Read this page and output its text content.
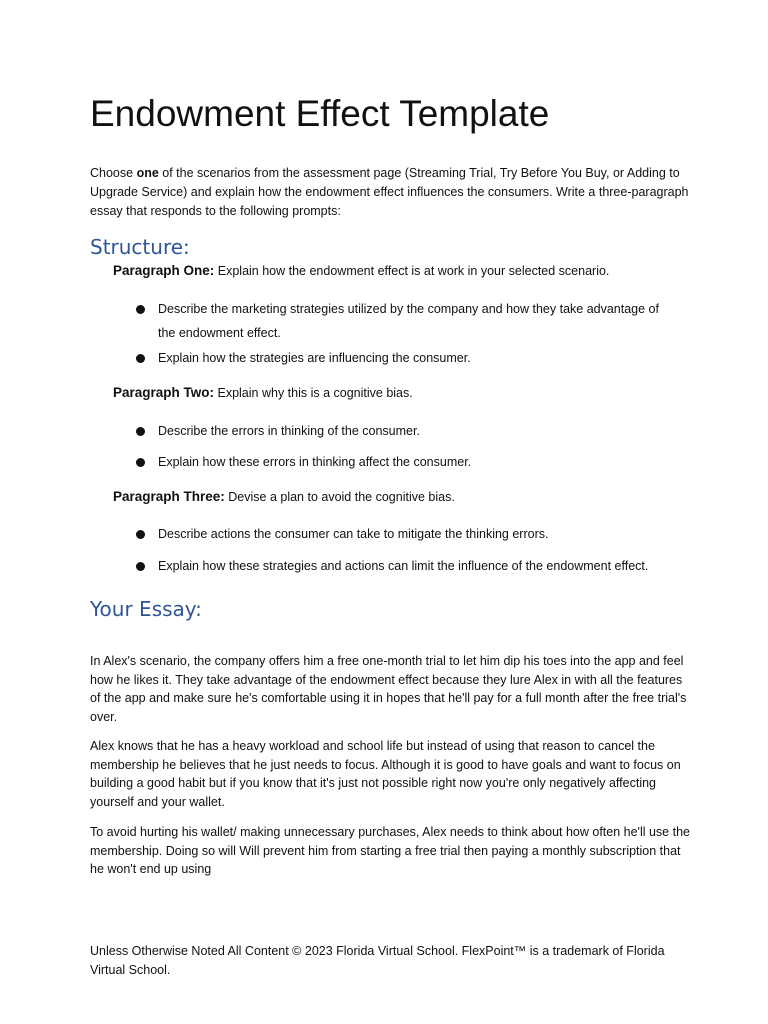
Endowment Effect Template

Choose one of the scenarios from the assessment page (Streaming Trial, Try Before You Buy, or Adding to Upgrade Service) and explain how the endowment effect influences the consumers. Write a three-paragraph essay that responds to the following prompts:

Structure:

Paragraph One: Explain how the endowment effect is at work in your selected scenario.

Describe the marketing strategies utilized by the company and how they take advantage of the endowment effect.
Explain how the strategies are influencing the consumer.

Paragraph Two: Explain why this is a cognitive bias.

Describe the errors in thinking of the consumer.
Explain how these errors in thinking affect the consumer.

Paragraph Three: Devise a plan to avoid the cognitive bias.

Describe actions the consumer can take to mitigate the thinking errors.
Explain how these strategies and actions can limit the influence of the endowment effect.
Your Essay:

In Alex's scenario, the company offers him a free one-month trial to let him dip his toes into the app and feel how he likes it. They take advantage of the endowment effect because they lure Alex in with all the features of the app and make sure he's comfortable using it in hopes that he'll pay for a full month after the free trial's over.

Alex knows that he has a heavy workload and school life but instead of using that reason to cancel the membership he believes that he just needs to focus. Although it is good to have goals and want to focus on building a good habit but if you know that it's just not possible right now you're only negatively affecting yourself and your wallet.

To avoid hurting his wallet/ making unnecessary purchases, Alex needs to think about how often he'll use the membership. Doing so will Will prevent him from starting a free trial then paying a monthly subscription that he won't end up using

Unless Otherwise Noted All Content © 2023 Florida Virtual School. FlexPoint™ is a trademark of Florida Virtual School.
